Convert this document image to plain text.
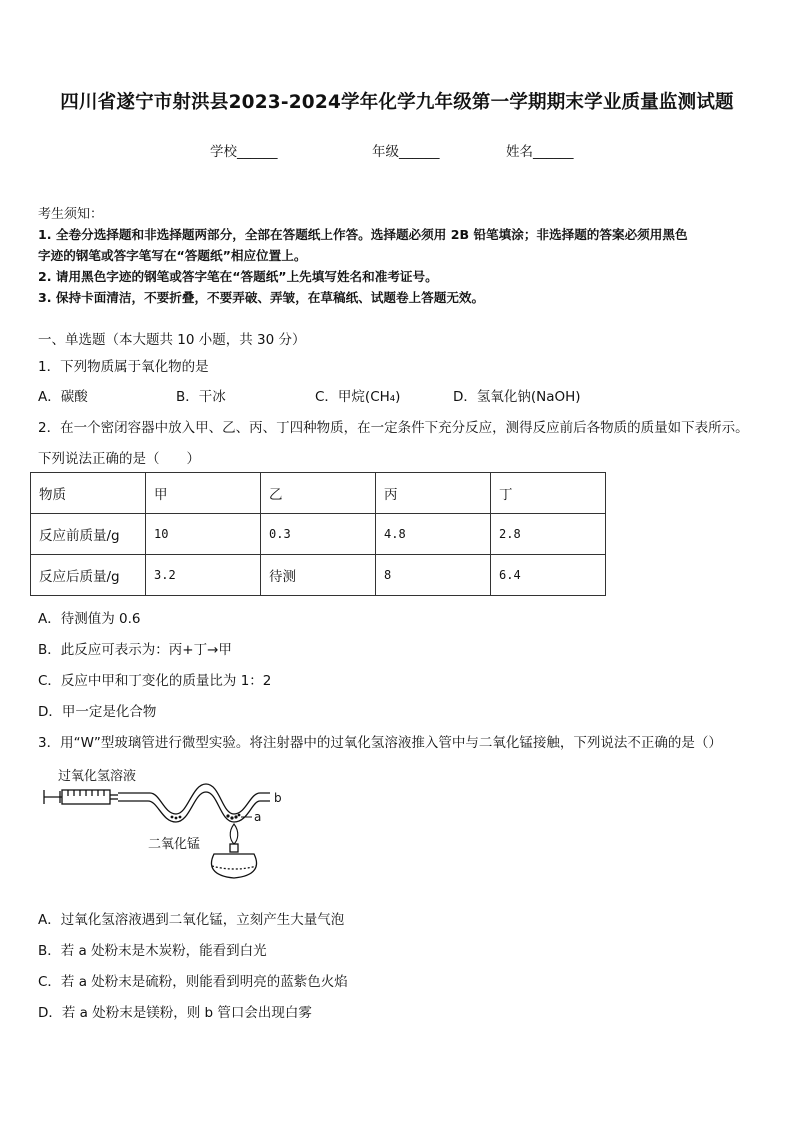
四川省遂宁市射洪县2023-2024学年化学九年级第一学期期末学业质量监测试题
学校______	年级______	姓名______
考生须知：
1. 全卷分选择题和非选择题两部分，全部在答题纸上作答。选择题必须用 2B 铅笔填涂；非选择题的答案必须用黑色
字迹的钢笔或答字笔写在“答题纸”相应位置上。
2. 请用黑色字迹的钢笔或答字笔在“答题纸”上先填写姓名和准考证号。
3. 保持卡面清洁，不要折叠，不要弄破、弄皱，在草稿纸、试题卷上答题无效。
一、单选题（本大题共 10 小题，共 30 分）
1．下列物质属于氧化物的是
A．碳酸	B．干冰	C．甲烷(CH₄)	D．氢氧化钠(NaOH)
2．在一个密闭容器中放入甲、乙、丙、丁四种物质，在一定条件下充分反应，测得反应前后各物质的质量如下表所示。
下列说法正确的是（　　）
物质	甲	乙	丙	丁
反应前质量/g	10	0.3	4.8	2.8
反应后质量/g	3.2	待测	8	6.4
A．待测值为 0.6
B．此反应可表示为：丙+丁→甲
C．反应中甲和丁变化的质量比为 1：2
D．甲一定是化合物
3．用“W”型玻璃管进行微型实验。将注射器中的过氧化氢溶液推入管中与二氧化锰接触，下列说法不正确的是（）
过氧化氢溶液
a
b
二氧化锰
A．过氧化氢溶液遇到二氧化锰，立刻产生大量气泡
B．若 a 处粉末是木炭粉，能看到白光
C．若 a 处粉末是硫粉，则能看到明亮的蓝紫色火焰
D．若 a 处粉末是镁粉，则 b 管口会出现白雾
